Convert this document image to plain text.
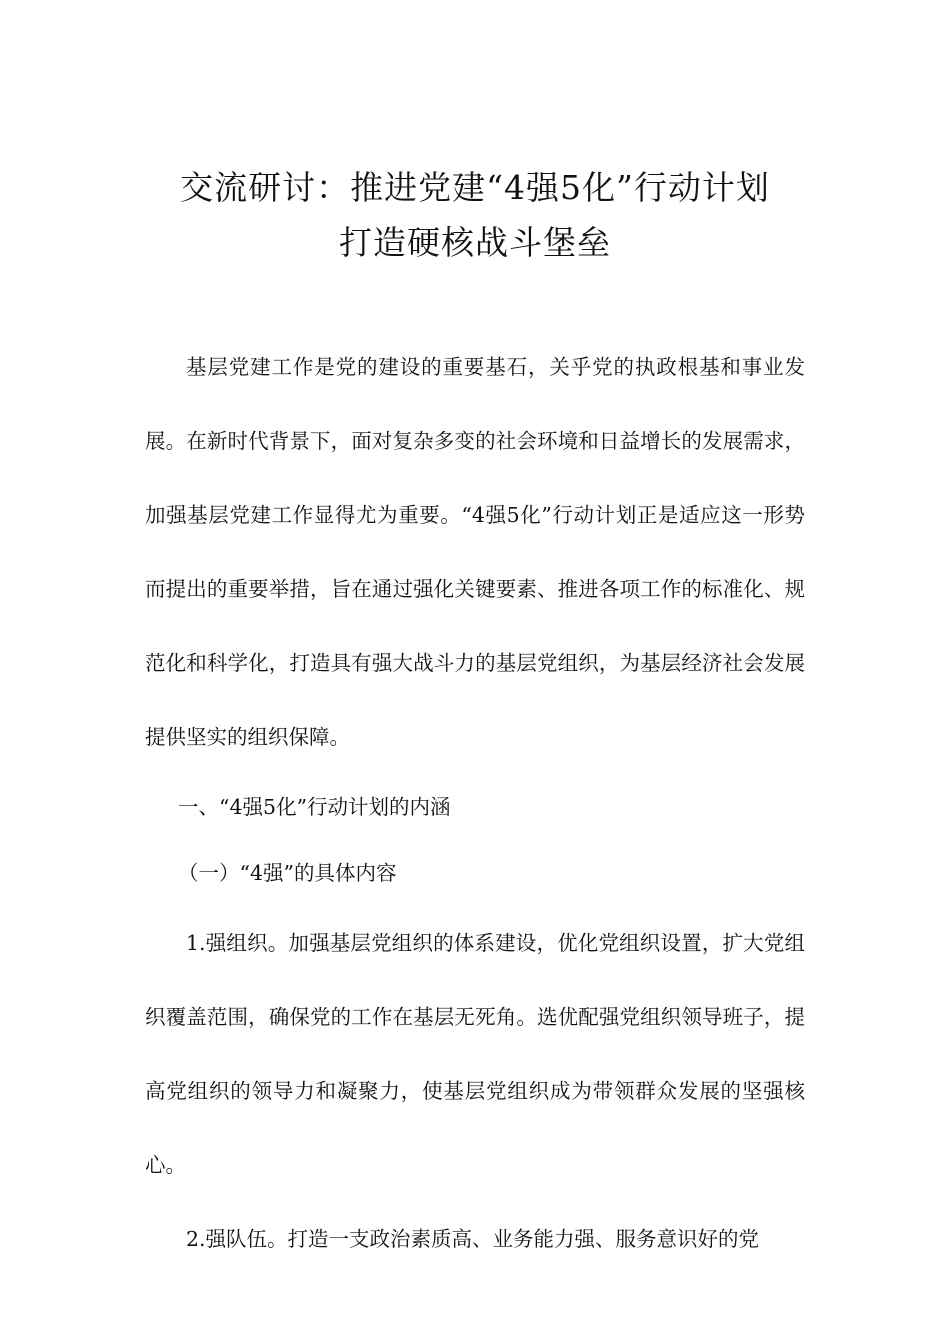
交流研讨：推进党建“4强5化”行动计划
打造硬核战斗堡垒

基层党建工作是党的建设的重要基石，关乎党的执政根基和事业发展。在新时代背景下，面对复杂多变的社会环境和日益增长的发展需求，加强基层党建工作显得尤为重要。“4强5化”行动计划正是适应这一形势而提出的重要举措，旨在通过强化关键要素、推进各项工作的标准化、规范化和科学化，打造具有强大战斗力的基层党组织，为基层经济社会发展提供坚实的组织保障。

一、“4强5化”行动计划的内涵

（一）“4强”的具体内容

1.强组织。加强基层党组织的体系建设，优化党组织设置，扩大党组织覆盖范围，确保党的工作在基层无死角。选优配强党组织领导班子，提高党组织的领导力和凝聚力，使基层党组织成为带领群众发展的坚强核心。

2.强队伍。打造一支政治素质高、业务能力强、服务意识好的党
